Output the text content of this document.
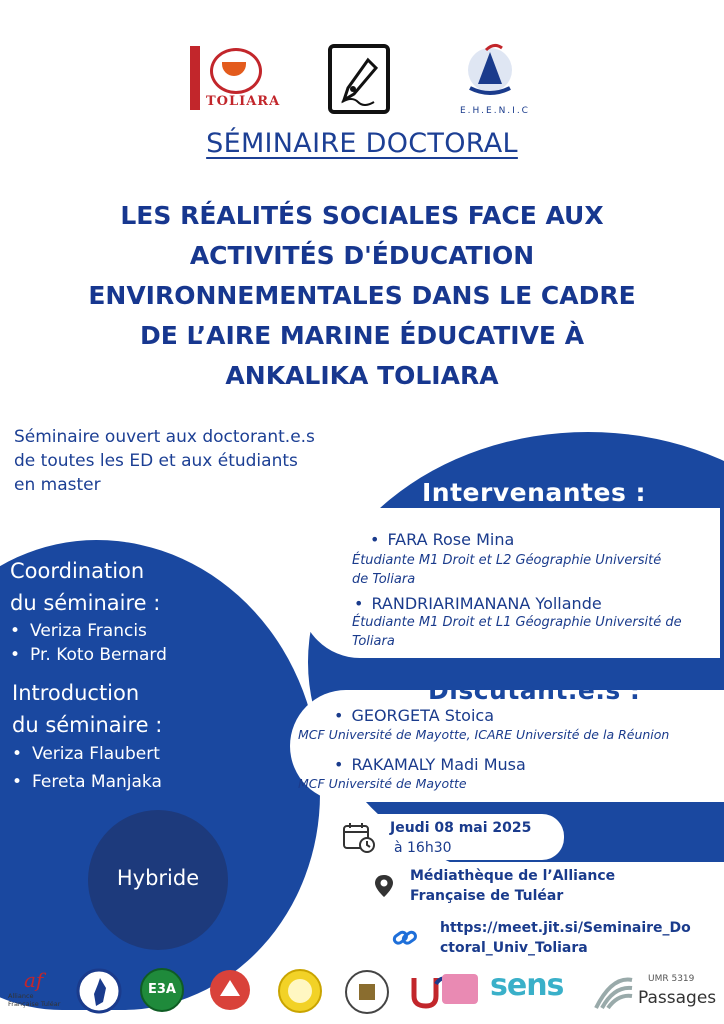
TOLIARA
E.H.E.N.I.C
SÉMINAIRE DOCTORAL
LES RÉALITÉS SOCIALES FACE AUX
ACTIVITÉS D'ÉDUCATION
ENVIRONNEMENTALES DANS LE CADRE
DE L’AIRE MARINE ÉDUCATIVE À
ANKALIKA TOLIARA
Séminaire ouvert aux doctorant.e.s
de toutes les ED et aux étudiants
en master
Coordination
du séminaire :
• Veriza Francis
• Pr. Koto Bernard
Introduction
du séminaire :
• Veriza Flaubert
• Fereta Manjaka
Hybride
Intervenantes :
• FARA Rose Mina
Étudiante M1 Droit et L2 Géographie Université
de Toliara
• RANDRIARIMANANA Yollande
Étudiante M1 Droit et L1 Géographie Université de
Toliara
Discutant.e.s :
• GEORGETA Stoica
MCF Université de Mayotte, ICARE Université de la Réunion
• RAKAMALY Madi Musa
MCF Université de Mayotte
Jeudi 08 mai 2025
à 16h30
Médiathèque de l’Alliance
Française de Tuléar
https://meet.jit.si/Seminaire_Do
ctoral_Univ_Toliara
af
Alliance Française Tuléar
E3A	sens	UMR 5319
Passages
